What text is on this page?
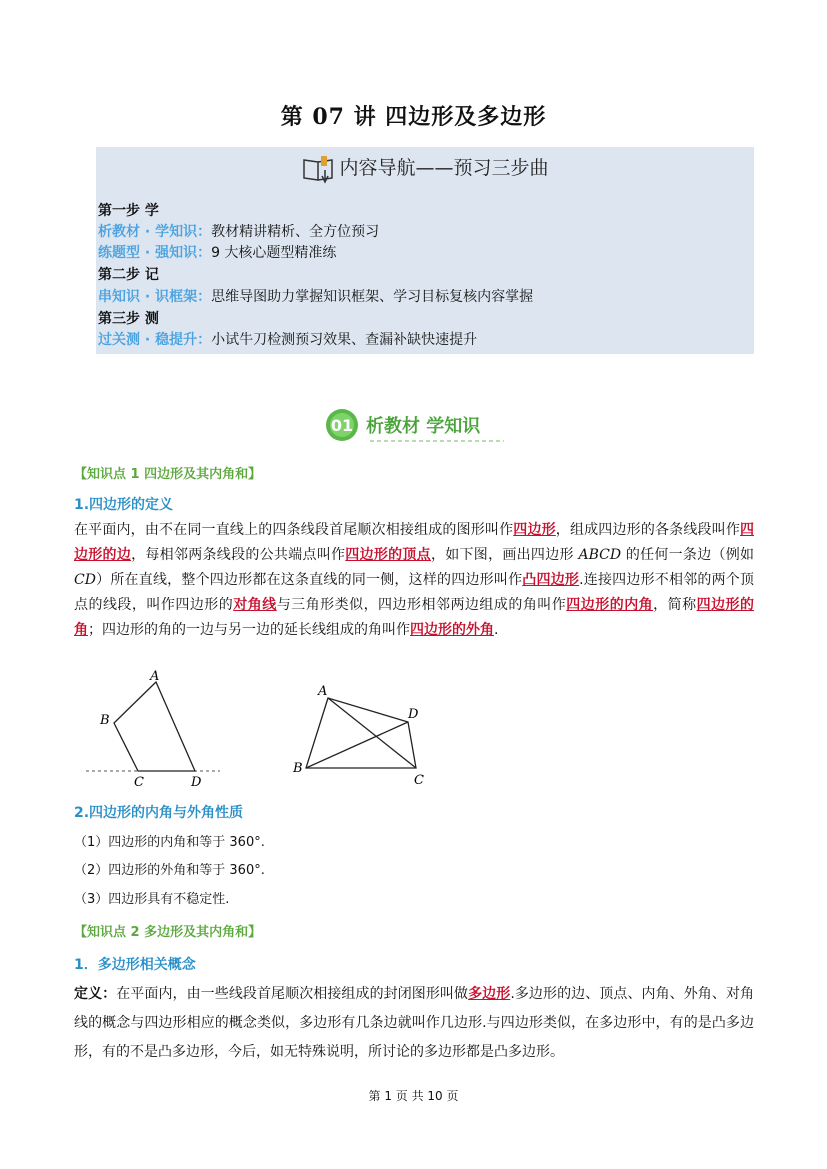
第 07 讲 四边形及多边形
内容导航——预习三步曲
第一步 学
析教材 · 学知识：教材精讲精析、全方位预习
练题型 · 强知识：9 大核心题型精准练
第二步 记
串知识 · 识框架：思维导图助力掌握知识框架、学习目标复核内容掌握
第三步 测
过关测 · 稳提升：小试牛刀检测预习效果、查漏补缺快速提升
01 析教材 学知识
【知识点 1 四边形及其内角和】
1.四边形的定义
在平面内，由不在同一直线上的四条线段首尾顺次相接组成的图形叫作四边形，组成四边形的各条线段叫作四边形的边，每相邻两条线段的公共端点叫作四边形的顶点，如下图，画出四边形 ABCD 的任何一条边（例如 CD）所在直线，整个四边形都在这条直线的同一侧，这样的四边形叫作凸四边形.连接四边形不相邻的两个顶点的线段，叫作四边形的对角线与三角形类似，四边形相邻两边组成的角叫作四边形的内角，简称四边形的角；四边形的角的一边与另一边的延长线组成的角叫作四边形的外角.
A
B
C	D
A
B
C
D
2.四边形的内角与外角性质
（1）四边形的内角和等于 360°.
（2）四边形的外角和等于 360°.
（3）四边形具有不稳定性.
【知识点 2 多边形及其内角和】
1．多边形相关概念
定义：在平面内，由一些线段首尾顺次相接组成的封闭图形叫做多边形.多边形的边、顶点、内角、外角、对角线的概念与四边形相应的概念类似，多边形有几条边就叫作几边形.与四边形类似，在多边形中，有的是凸多边形，有的不是凸多边形，今后，如无特殊说明，所讨论的多边形都是凸多边形。
第 1 页 共 10 页
